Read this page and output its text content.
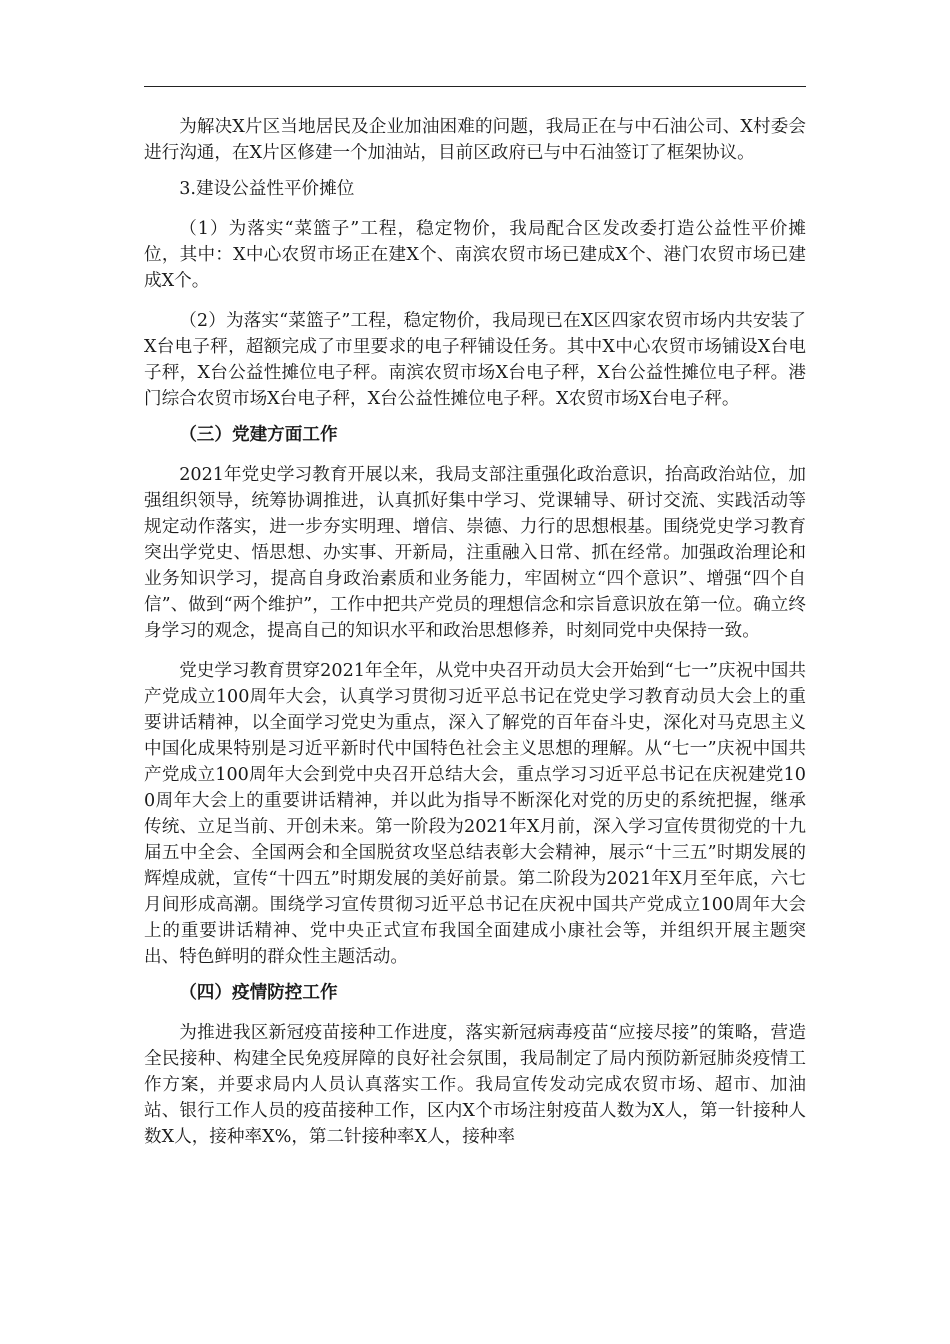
为解决X片区当地居民及企业加油困难的问题，我局正在与中石油公司、X村委会进行沟通，在X片区修建一个加油站，目前区政府已与中石油签订了框架协议。

3.建设公益性平价摊位

（1）为落实“菜篮子”工程，稳定物价，我局配合区发改委打造公益性平价摊位，其中：X中心农贸市场正在建X个、南滨农贸市场已建成X个、港门农贸市场已建成X个。

（2）为落实“菜篮子”工程，稳定物价，我局现已在X区四家农贸市场内共安装了X台电子秤，超额完成了市里要求的电子秤铺设任务。其中X中心农贸市场铺设X台电子秤，X台公益性摊位电子秤。南滨农贸市场X台电子秤，X台公益性摊位电子秤。港门综合农贸市场X台电子秤，X台公益性摊位电子秤。X农贸市场X台电子秤。

（三）党建方面工作

2021年党史学习教育开展以来，我局支部注重强化政治意识，抬高政治站位，加强组织领导，统筹协调推进，认真抓好集中学习、党课辅导、研讨交流、实践活动等规定动作落实，进一步夯实明理、增信、崇德、力行的思想根基。围绕党史学习教育突出学党史、悟思想、办实事、开新局，注重融入日常、抓在经常。加强政治理论和业务知识学习，提高自身政治素质和业务能力，牢固树立“四个意识”、增强“四个自信”、做到“两个维护”，工作中把共产党员的理想信念和宗旨意识放在第一位。确立终身学习的观念，提高自己的知识水平和政治思想修养，时刻同党中央保持一致。

党史学习教育贯穿2021年全年，从党中央召开动员大会开始到“七一”庆祝中国共产党成立100周年大会，认真学习贯彻习近平总书记在党史学习教育动员大会上的重要讲话精神，以全面学习党史为重点，深入了解党的百年奋斗史，深化对马克思主义中国化成果特别是习近平新时代中国特色社会主义思想的理解。从“七一”庆祝中国共产党成立100周年大会到党中央召开总结大会，重点学习习近平总书记在庆祝建党100周年大会上的重要讲话精神，并以此为指导不断深化对党的历史的系统把握，继承传统、立足当前、开创未来。第一阶段为2021年X月前，深入学习宣传贯彻党的十九届五中全会、全国两会和全国脱贫攻坚总结表彰大会精神，展示“十三五”时期发展的辉煌成就，宣传“十四五”时期发展的美好前景。第二阶段为2021年X月至年底，六七月间形成高潮。围绕学习宣传贯彻习近平总书记在庆祝中国共产党成立100周年大会上的重要讲话精神、党中央正式宣布我国全面建成小康社会等，并组织开展主题突出、特色鲜明的群众性主题活动。

（四）疫情防控工作

为推进我区新冠疫苗接种工作进度，落实新冠病毒疫苗“应接尽接”的策略，营造全民接种、构建全民免疫屏障的良好社会氛围，我局制定了局内预防新冠肺炎疫情工作方案，并要求局内人员认真落实工作。我局宣传发动完成农贸市场、超市、加油站、银行工作人员的疫苗接种工作，区内X个市场注射疫苗人数为X人，第一针接种人数X人，接种率X%，第二针接种率X人，接种率
